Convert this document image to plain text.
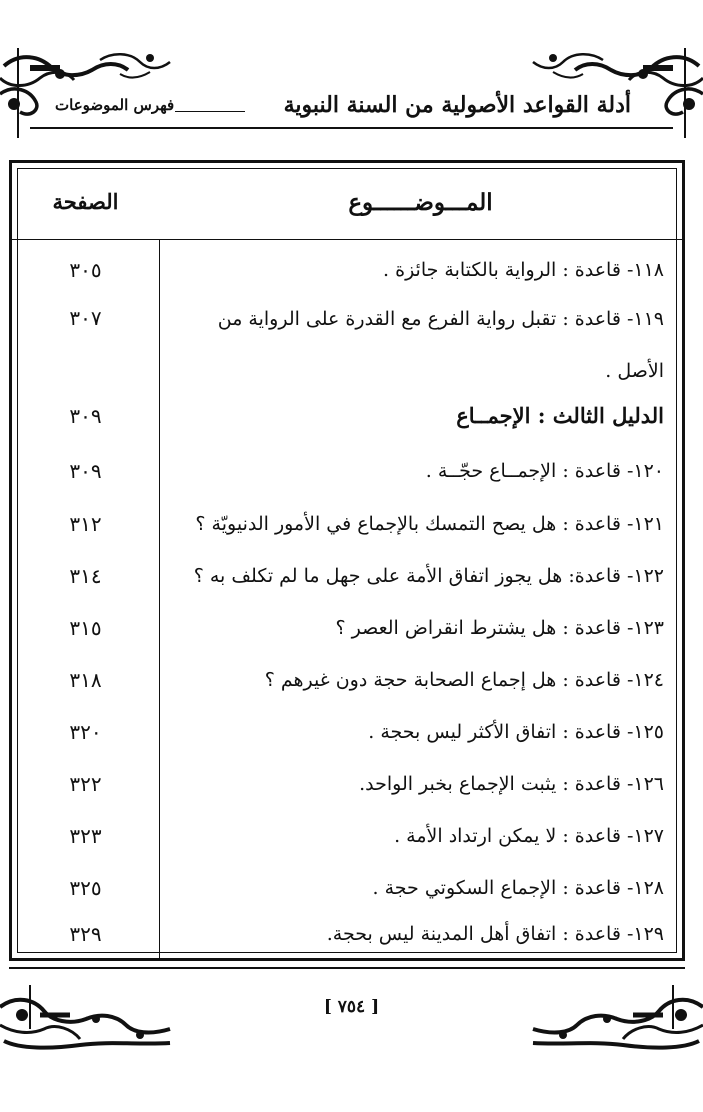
أدلة القواعد الأصولية من السنة النبوية
فهرس الموضوعات
المـــوضــــــوع
الصفحة
١١٨- قاعدة : الرواية بالكتابة جائزة .
٣٠٥
١١٩- قاعدة : تقبل رواية الفرع مع القدرة على الرواية من الأصل .
٣٠٧
الدليل الثالث : الإجمــاع
٣٠٩
١٢٠- قاعدة : الإجمــاع حجّــة .
٣٠٩
١٢١- قاعدة : هل يصح التمسك بالإجماع في الأمور الدنيويّة ؟
٣١٢
١٢٢- قاعدة: هل يجوز اتفاق الأمة على جهل ما لم تكلف به ؟
٣١٤
١٢٣- قاعدة : هل يشترط انقراض العصر ؟
٣١٥
١٢٤- قاعدة : هل إجماع الصحابة حجة دون غيرهم ؟
٣١٨
١٢٥- قاعدة : اتفاق الأكثر ليس بحجة .
٣٢٠
١٢٦- قاعدة : يثبت الإجماع بخبر الواحد.
٣٢٢
١٢٧- قاعدة : لا يمكن ارتداد الأمة .
٣٢٣
١٢٨- قاعدة : الإجماع السكوتي حجة .
٣٢٥
١٢٩- قاعدة : اتفاق أهل المدينة ليس بحجة.
٣٢٩
[ ٧٥٤ ]
